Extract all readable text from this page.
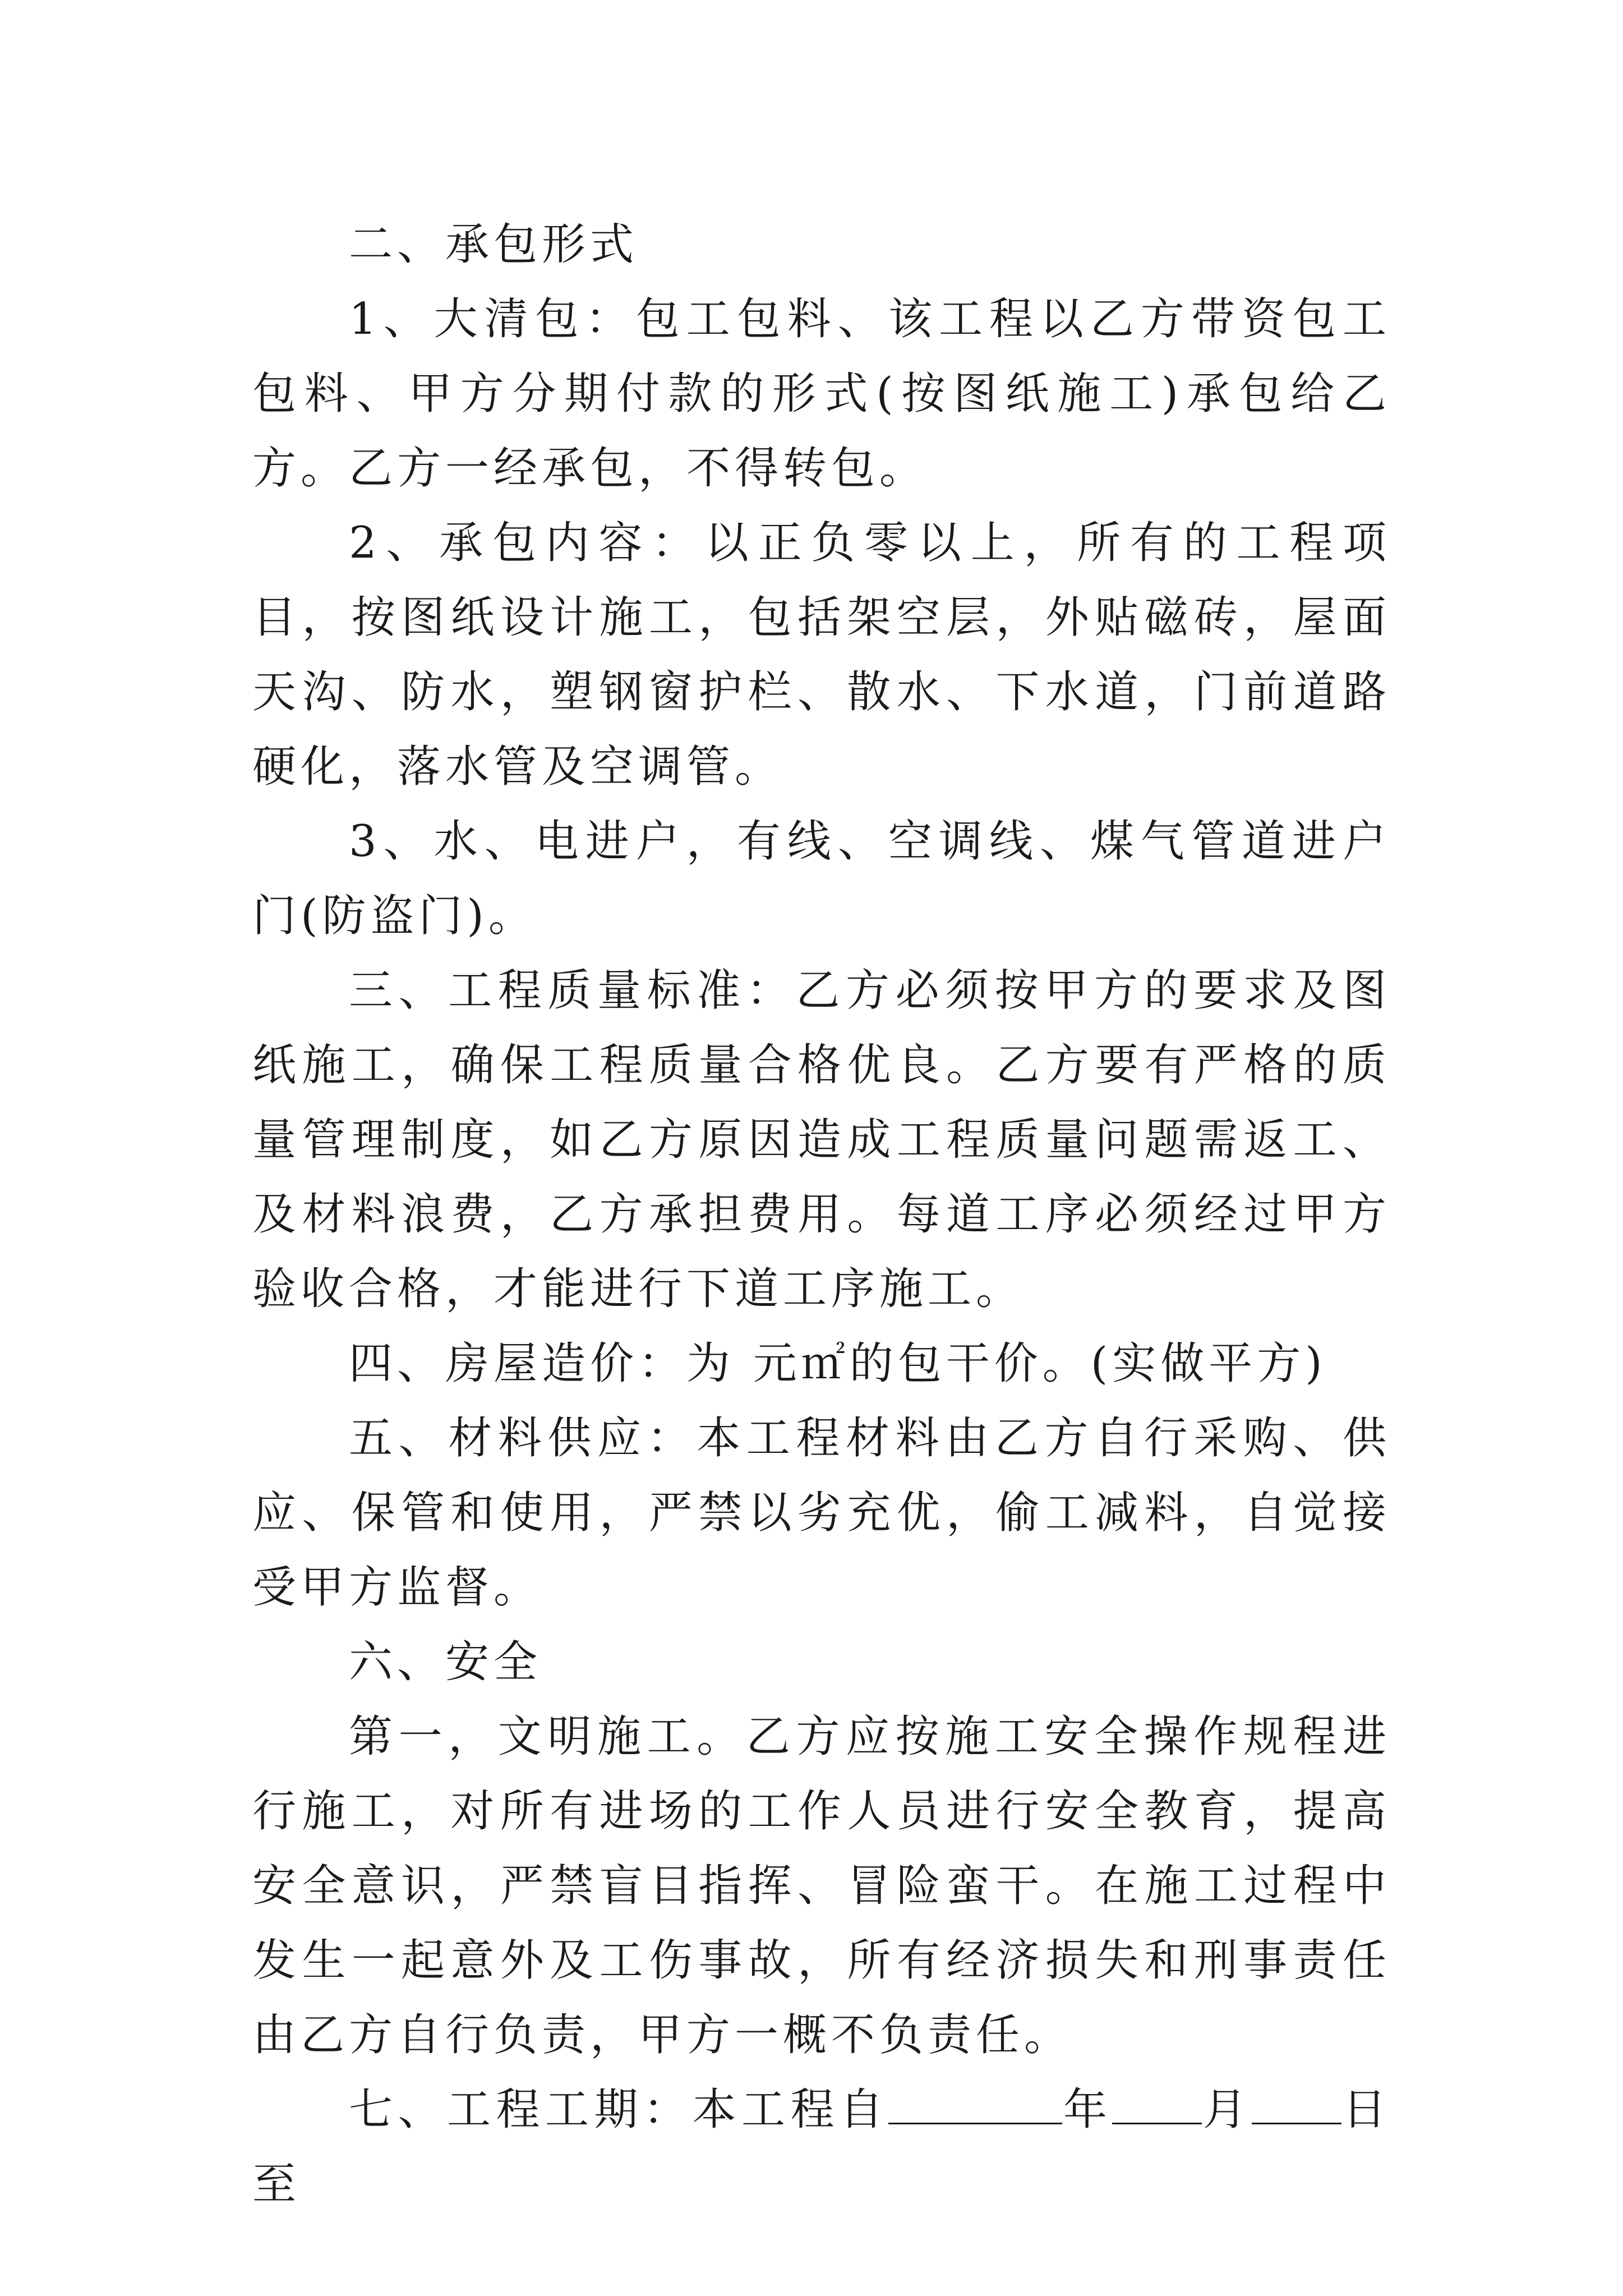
二、承包形式

1、大清包：包工包料、该工程以乙方带资包工包料、甲方分期付款的形式(按图纸施工)承包给乙方。乙方一经承包，不得转包。

2、承包内容：以正负零以上，所有的工程项目，按图纸设计施工，包括架空层，外贴磁砖，屋面天沟、防水，塑钢窗护栏、散水、下水道，门前道路硬化，落水管及空调管。

3、水、电进户，有线、空调线、煤气管道进户门(防盗门)。

三、工程质量标准：乙方必须按甲方的要求及图纸施工，确保工程质量合格优良。乙方要有严格的质量管理制度，如乙方原因造成工程质量问题需返工、及材料浪费，乙方承担费用。每道工序必须经过甲方验收合格，才能进行下道工序施工。

四、房屋造价：为 元㎡的包干价。(实做平方)

五、材料供应：本工程材料由乙方自行采购、供应、保管和使用，严禁以劣充优，偷工减料，自觉接受甲方监督。

六、安全

第一，文明施工。乙方应按施工安全操作规程进行施工，对所有进场的工作人员进行安全教育，提高安全意识，严禁盲目指挥、冒险蛮干。在施工过程中发生一起意外及工伤事故，所有经济损失和刑事责任由乙方自行负责，甲方一概不负责任。

七、工程工期：本工程自	年 月 日至
